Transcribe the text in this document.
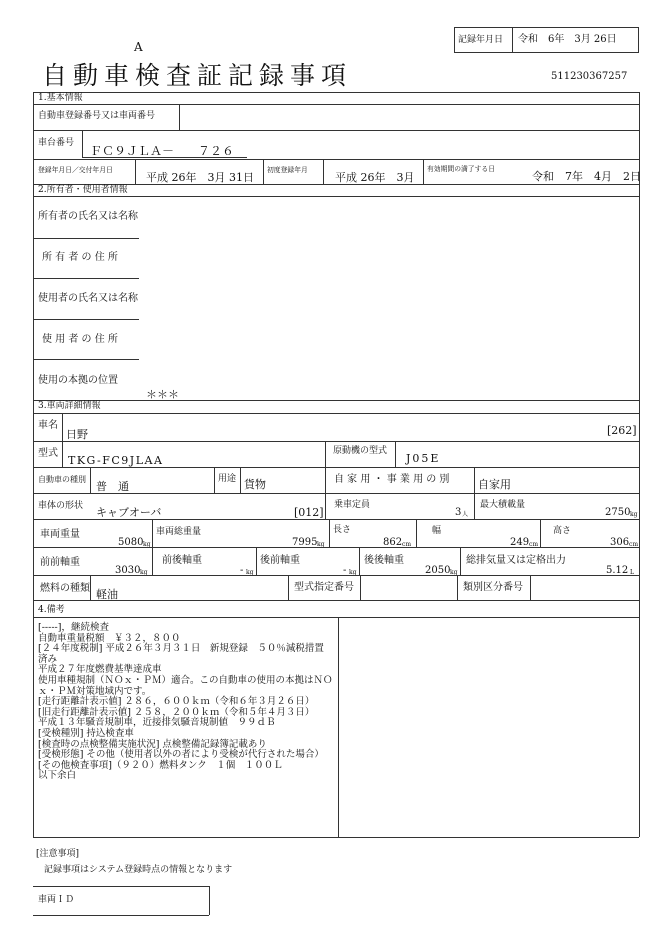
A
自動車検査証記録事項
記録年月日 令和　6年　3月 26日
511230367257
1.基本情報
自動車登録番号又は車両番号
車台番号
ＦＣ９ＪＬＡ－　　７２６
登録年月日／交付年月日
平成 26年　3月 31日
初度登録年月
平成 26年　3月
有効期間の満了する日
令和　7年　4月　2日
2.所有者・使用者情報
所有者の氏名又は名称
所 有 者 の 住 所
使用者の氏名又は名称
使 用 者 の 住 所
使用の本拠の位置
＊＊＊
3.車両詳細情報
車名
日野	[262]
型式
TKG-FC9JLAA
原動機の型式
J05E
自動車の種別
普　通
用途 貨物	自 家 用 ・ 事 業 用 の 別	自家用
車体の形状 キャブオーバ	[012]
乗車定員
3 人
最大積載量
2750 kg
車両重量
5080 kg
車両総重量
7995 kg
長さ
862 cm
幅
249 cm
高さ
306 cm
前前軸重
3030 kg
前後軸重
- kg
後前軸重
- kg
後後軸重
2050 kg
総排気量又は定格出力
5.12 L
燃料の種類 軽油
型式指定番号	類別区分番号
4.備考
[-----]，継続検査
自動車重量税額　￥３２，８００
[２４年度税制] 平成２６年３月３１日　新規登録　５０％減税措置
済み
平成２７年度燃費基準達成車
使用車種規制（ＮＯｘ・ＰＭ）適合。この自動車の使用の本拠はＮＯ
ｘ・ＰＭ対策地域内です。
[走行距離計表示値] ２８６，６００ｋｍ（令和６年３月２６日）
[旧走行距離計表示値] ２５８，２００ｋｍ（令和５年４月３日）
平成１３年騒音規制車，近接排気騒音規制値　９９ｄＢ
[受検種別] 持込検査車
[検査時の点検整備実施状況] 点検整備記録簿記載あり
[受検形態] その他（使用者以外の者により受検が代行された場合）
[その他検査事項]（９２０）燃料タンク　１個　１００Ｌ
以下余白
[注意事項]
記録事項はシステム登録時点の情報となります
車両ＩＤ
